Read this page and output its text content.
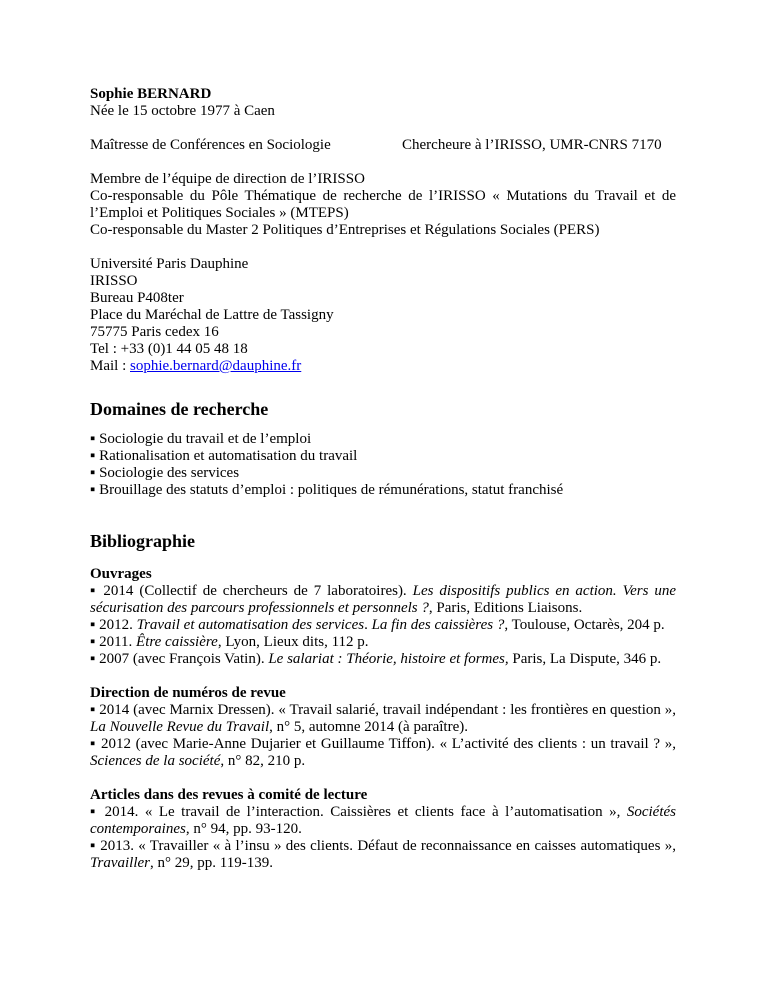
Sophie BERNARD

Née le 15 octobre 1977 à Caen

Maîtresse de Conférences en Sociologie	Chercheure à l’IRISSO, UMR-CNRS 7170

Membre de l’équipe de direction de l’IRISSO

Co-responsable du Pôle Thématique de recherche de l’IRISSO « Mutations du Travail et de l’Emploi et Politiques Sociales » (MTEPS)

Co-responsable du Master 2 Politiques d’Entreprises et Régulations Sociales (PERS)

Université Paris Dauphine

IRISSO

Bureau P408ter

Place du Maréchal de Lattre de Tassigny

75775 Paris cedex 16

Tel : +33 (0)1 44 05 48 18

Mail : sophie.bernard@dauphine.fr

Domaines de recherche

▪ Sociologie du travail et de l’emploi

▪ Rationalisation et automatisation du travail

▪ Sociologie des services

▪ Brouillage des statuts d’emploi : politiques de rémunérations, statut franchisé

Bibliographie

Ouvrages

▪ 2014 (Collectif de chercheurs de 7 laboratoires). Les dispositifs publics en action. Vers une sécurisation des parcours professionnels et personnels ?, Paris, Editions Liaisons.

▪ 2012. Travail et automatisation des services. La fin des caissières ?, Toulouse, Octarès, 204 p.

▪ 2011. Être caissière, Lyon, Lieux dits, 112 p.

▪ 2007 (avec François Vatin). Le salariat : Théorie, histoire et formes, Paris, La Dispute, 346 p.

Direction de numéros de revue

▪ 2014 (avec Marnix Dressen). « Travail salarié, travail indépendant : les frontières en question », La Nouvelle Revue du Travail, n° 5, automne 2014 (à paraître).

▪ 2012 (avec Marie-Anne Dujarier et Guillaume Tiffon). « L’activité des clients : un travail ? », Sciences de la société, n° 82, 210 p.

Articles dans des revues à comité de lecture

▪ 2014. « Le travail de l’interaction. Caissières et clients face à l’automatisation », Sociétés contemporaines, n° 94, pp. 93-120.

▪ 2013. « Travailler « à l’insu » des clients. Défaut de reconnaissance en caisses automatiques », Travailler, n° 29, pp. 119-139.
